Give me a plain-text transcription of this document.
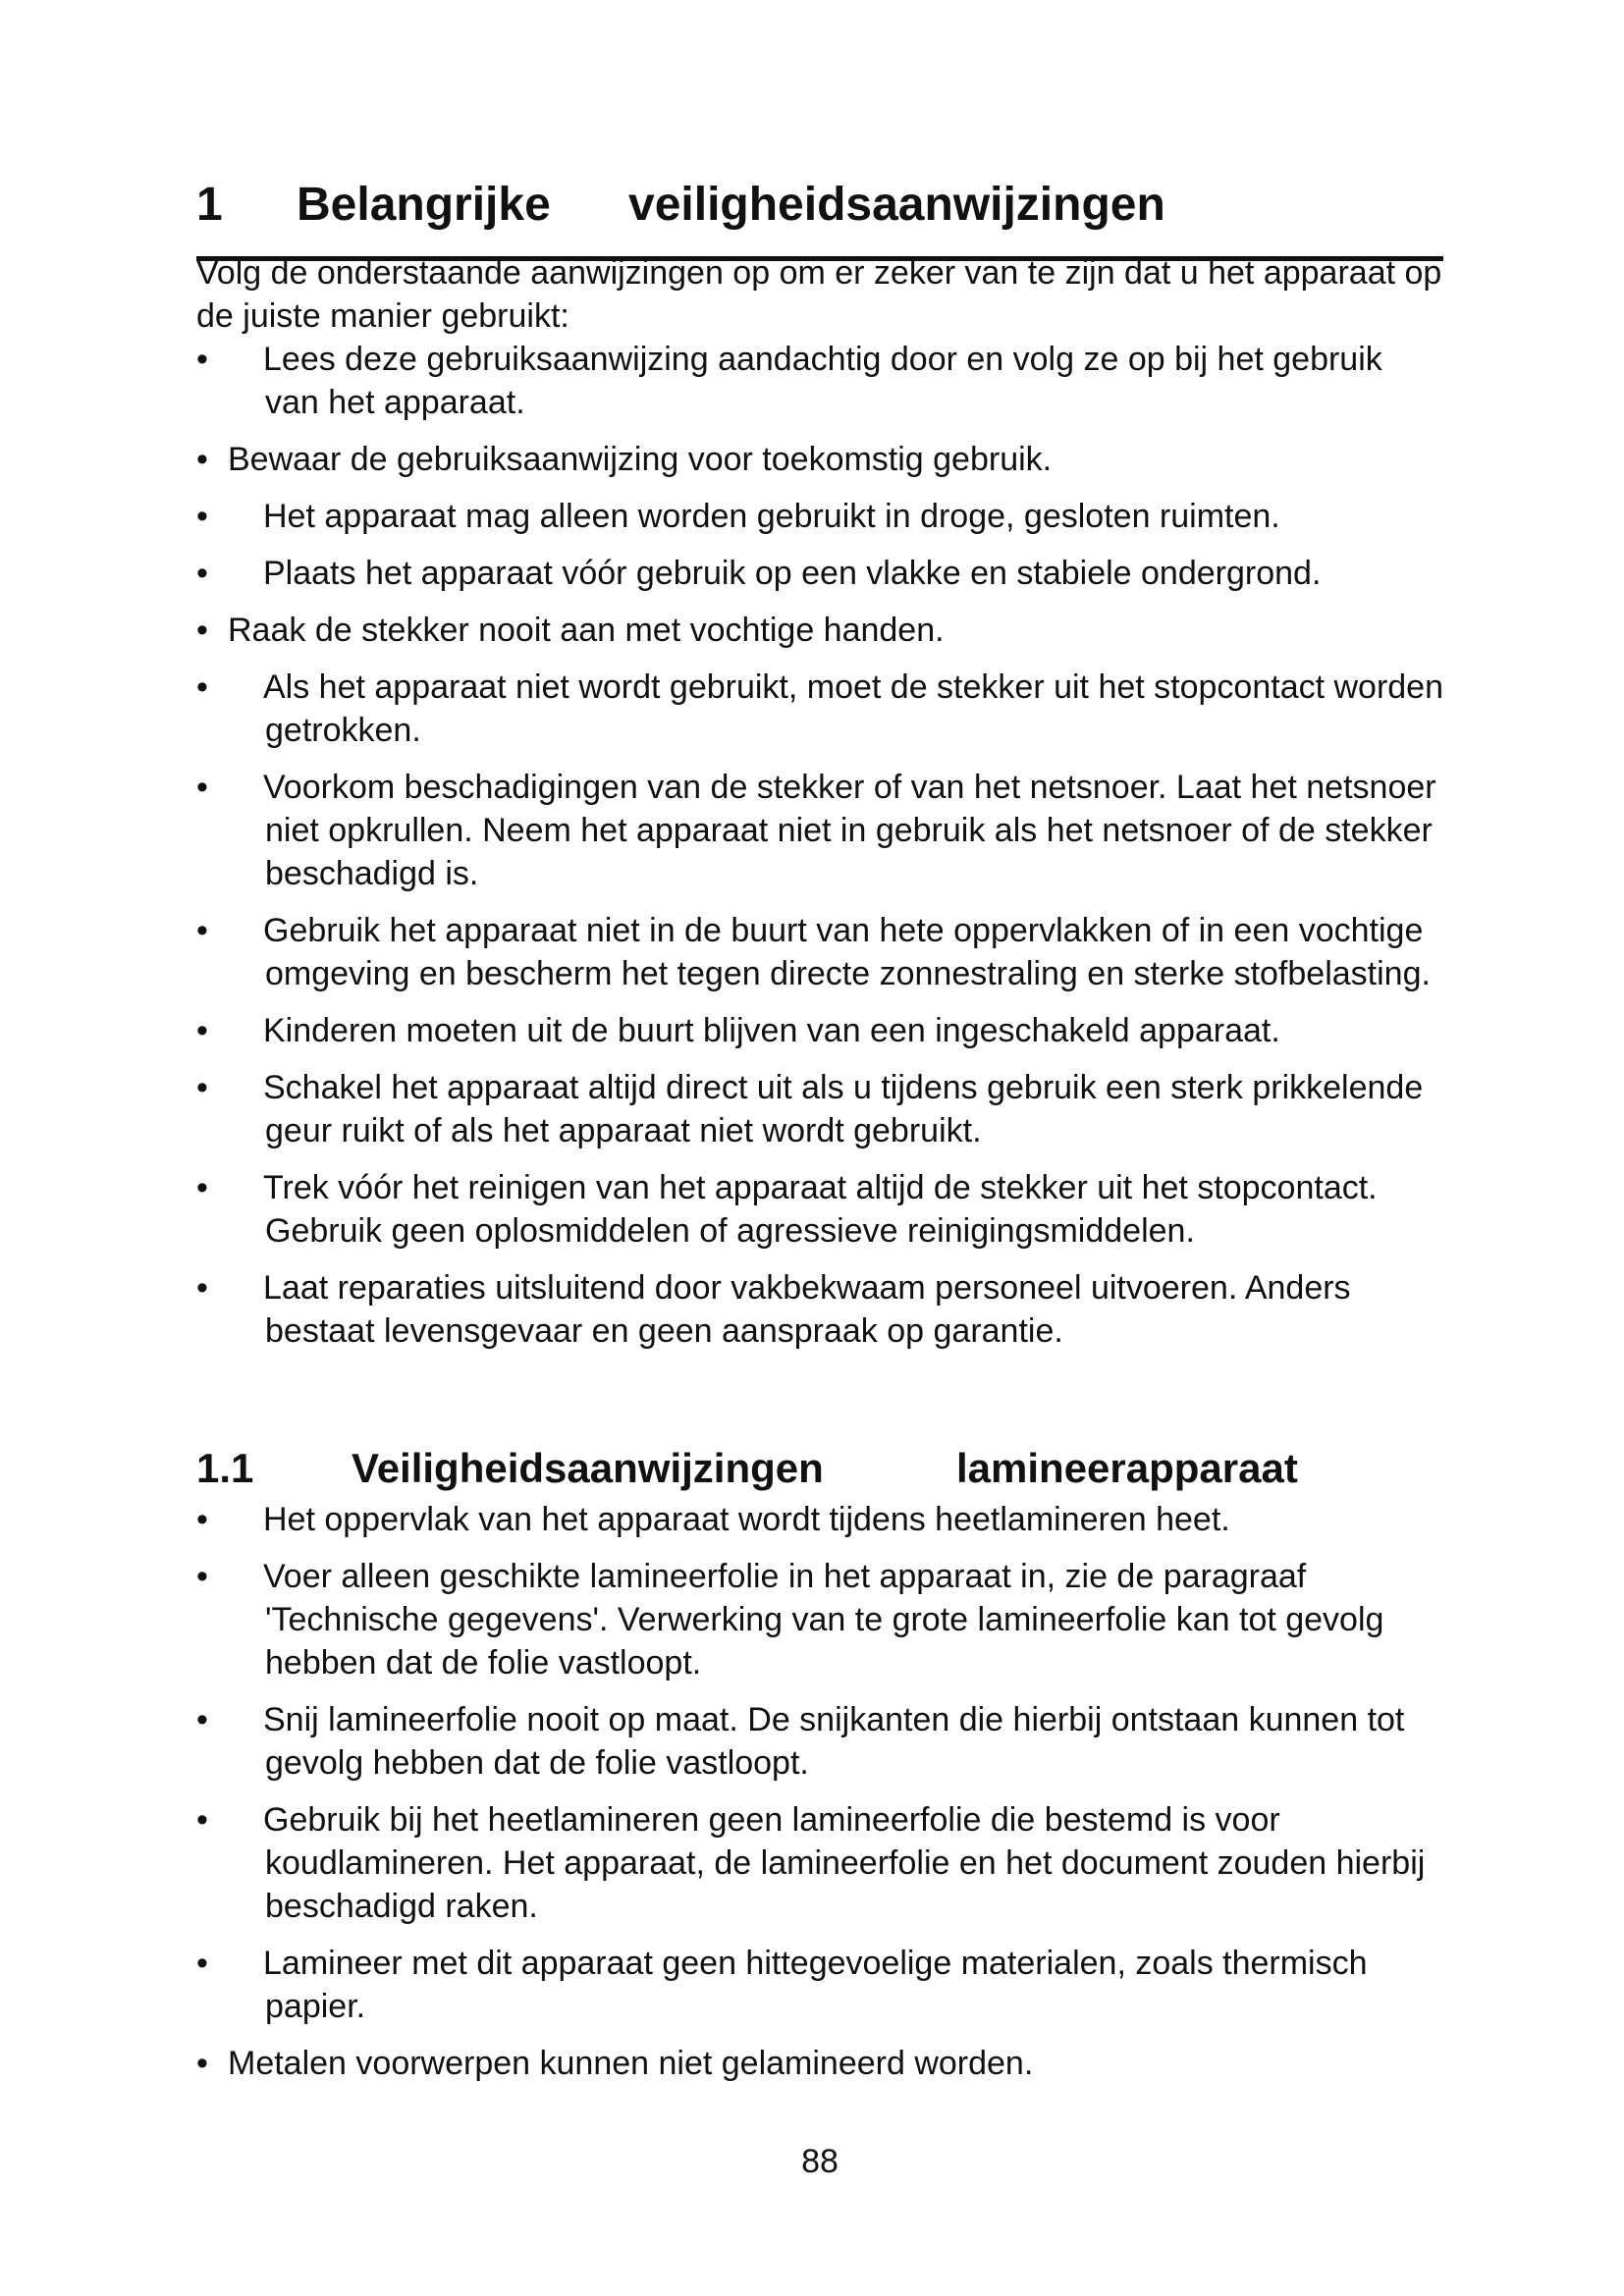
1 Belangrijke veiligheidsaanwijzingen

Volg de onderstaande aanwijzingen op om er zeker van te zijn dat u het apparaat op de juiste manier gebruikt:

•	Lees deze gebruiksaanwijzing aandachtig door en volg ze op bij het gebruik van het apparaat.
• Bewaar de gebruiksaanwijzing voor toekomstig gebruik.
•	Het apparaat mag alleen worden gebruikt in droge, gesloten ruimten.
•	Plaats het apparaat vóór gebruik op een vlakke en stabiele ondergrond.
• Raak de stekker nooit aan met vochtige handen.
•	Als het apparaat niet wordt gebruikt, moet de stekker uit het stopcontact worden getrokken.
•	Voorkom beschadigingen van de stekker of van het netsnoer. Laat het netsnoer niet opkrullen. Neem het apparaat niet in gebruik als het netsnoer of de stekker beschadigd is.
•	Gebruik het apparaat niet in de buurt van hete oppervlakken of in een vochtige omgeving en bescherm het tegen directe zonnestraling en sterke stofbelasting.
•	Kinderen moeten uit de buurt blijven van een ingeschakeld apparaat.
•	Schakel het apparaat altijd direct uit als u tijdens gebruik een sterk prikkelende geur ruikt of als het apparaat niet wordt gebruikt.
•	Trek vóór het reinigen van het apparaat altijd de stekker uit het stopcontact. Gebruik geen oplosmiddelen of agressieve reinigingsmiddelen.
•	Laat reparaties uitsluitend door vakbekwaam personeel uitvoeren. Anders bestaat levensgevaar en geen aanspraak op garantie.
1.1 Veiligheidsaanwijzingen	lamineerapparaat
•	Het oppervlak van het apparaat wordt tijdens heetlamineren heet.
•	Voer alleen geschikte lamineerfolie in het apparaat in, zie de paragraaf 'Technische gegevens'. Verwerking van te grote lamineerfolie kan tot gevolg hebben dat de folie vastloopt.
•	Snij lamineerfolie nooit op maat. De snijkanten die hierbij ontstaan kunnen tot gevolg hebben dat de folie vastloopt.
•	Gebruik bij het heetlamineren geen lamineerfolie die bestemd is voor koudlamineren. Het apparaat, de lamineerfolie en het document zouden hierbij beschadigd raken.
•	Lamineer met dit apparaat geen hittegevoelige materialen, zoals thermisch papier.
• Metalen voorwerpen kunnen niet gelamineerd worden.
88
